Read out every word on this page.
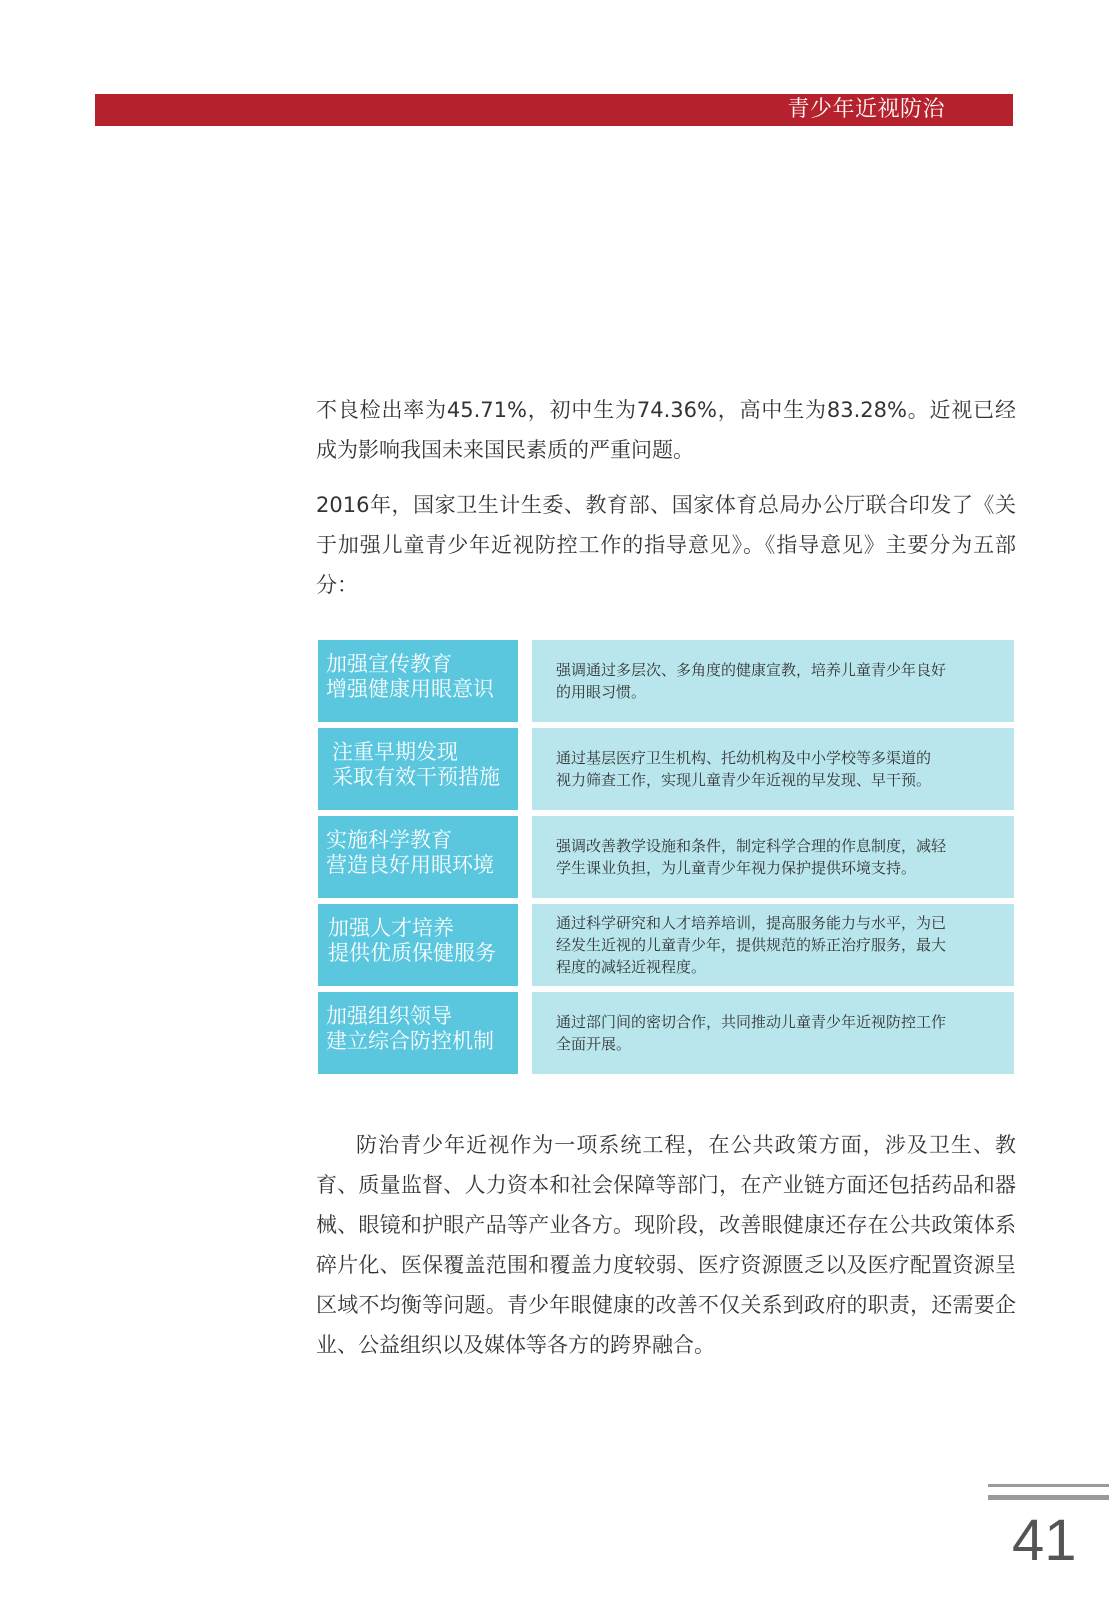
青少年近视防治

不良检出率为45.71%，初中生为74.36%，高中生为83.28%。近视已经成为影响我国未来国民素质的严重问题。

2016年，国家卫生计生委、教育部、国家体育总局办公厅联合印发了《关于加强儿童青少年近视防控工作的指导意见》。《指导意见》主要分为五部分：

加强宣传教育
增强健康用眼意识
强调通过多层次、多角度的健康宣教，培养儿童青少年良好
的用眼习惯。
注重早期发现
采取有效干预措施
通过基层医疗卫生机构、托幼机构及中小学校等多渠道的
视力筛查工作，实现儿童青少年近视的早发现、早干预。
实施科学教育
营造良好用眼环境
强调改善教学设施和条件，制定科学合理的作息制度，减轻
学生课业负担，为儿童青少年视力保护提供环境支持。
加强人才培养
提供优质保健服务
通过科学研究和人才培养培训，提高服务能力与水平，为已
经发生近视的儿童青少年，提供规范的矫正治疗服务，最大
程度的减轻近视程度。
加强组织领导
建立综合防控机制
通过部门间的密切合作，共同推动儿童青少年近视防控工作
全面开展。

防治青少年近视作为一项系统工程，在公共政策方面，涉及卫生、教育、质量监督、人力资本和社会保障等部门，在产业链方面还包括药品和器械、眼镜和护眼产品等产业各方。现阶段，改善眼健康还存在公共政策体系碎片化、医保覆盖范围和覆盖力度较弱、医疗资源匮乏以及医疗配置资源呈区域不均衡等问题。青少年眼健康的改善不仅关系到政府的职责，还需要企业、公益组织以及媒体等各方的跨界融合。

41
